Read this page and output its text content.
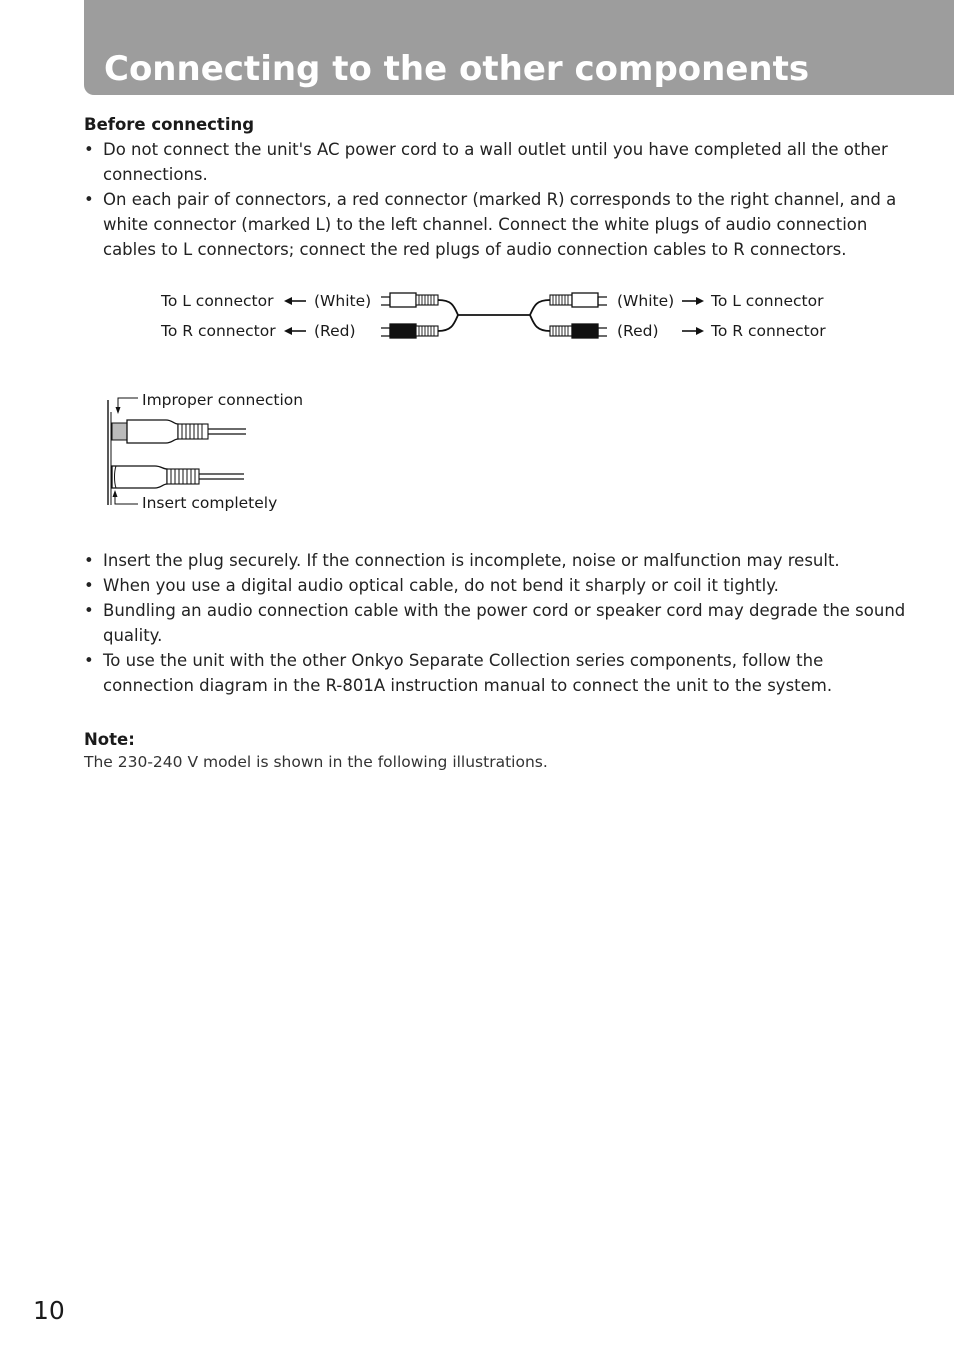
Connecting to the other components
Before connecting
• Do not connect the unit's AC power cord to a wall outlet until you have completed all the other connections.
• On each pair of connectors, a red connector (marked R) corresponds to the right channel, and a white connector (marked L) to the left channel. Connect the white plugs of audio connection cables to L connectors; connect the red plugs of audio connection cables to R connectors.
To L connector	(White)
To R connector (Red)
(White) To L connector
(Red)	To R connector
Improper connection
Insert completely
• Insert the plug securely. If the connection is incomplete, noise or malfunction may result.
• When you use a digital audio optical cable, do not bend it sharply or coil it tightly.
• Bundling an audio connection cable with the power cord or speaker cord may degrade the sound quality.
• To use the unit with the other Onkyo Separate Collection series components, follow the connection diagram in the R-801A instruction manual to connect the unit to the system.
Note:

The 230-240 V model is shown in the following illustrations.

10
